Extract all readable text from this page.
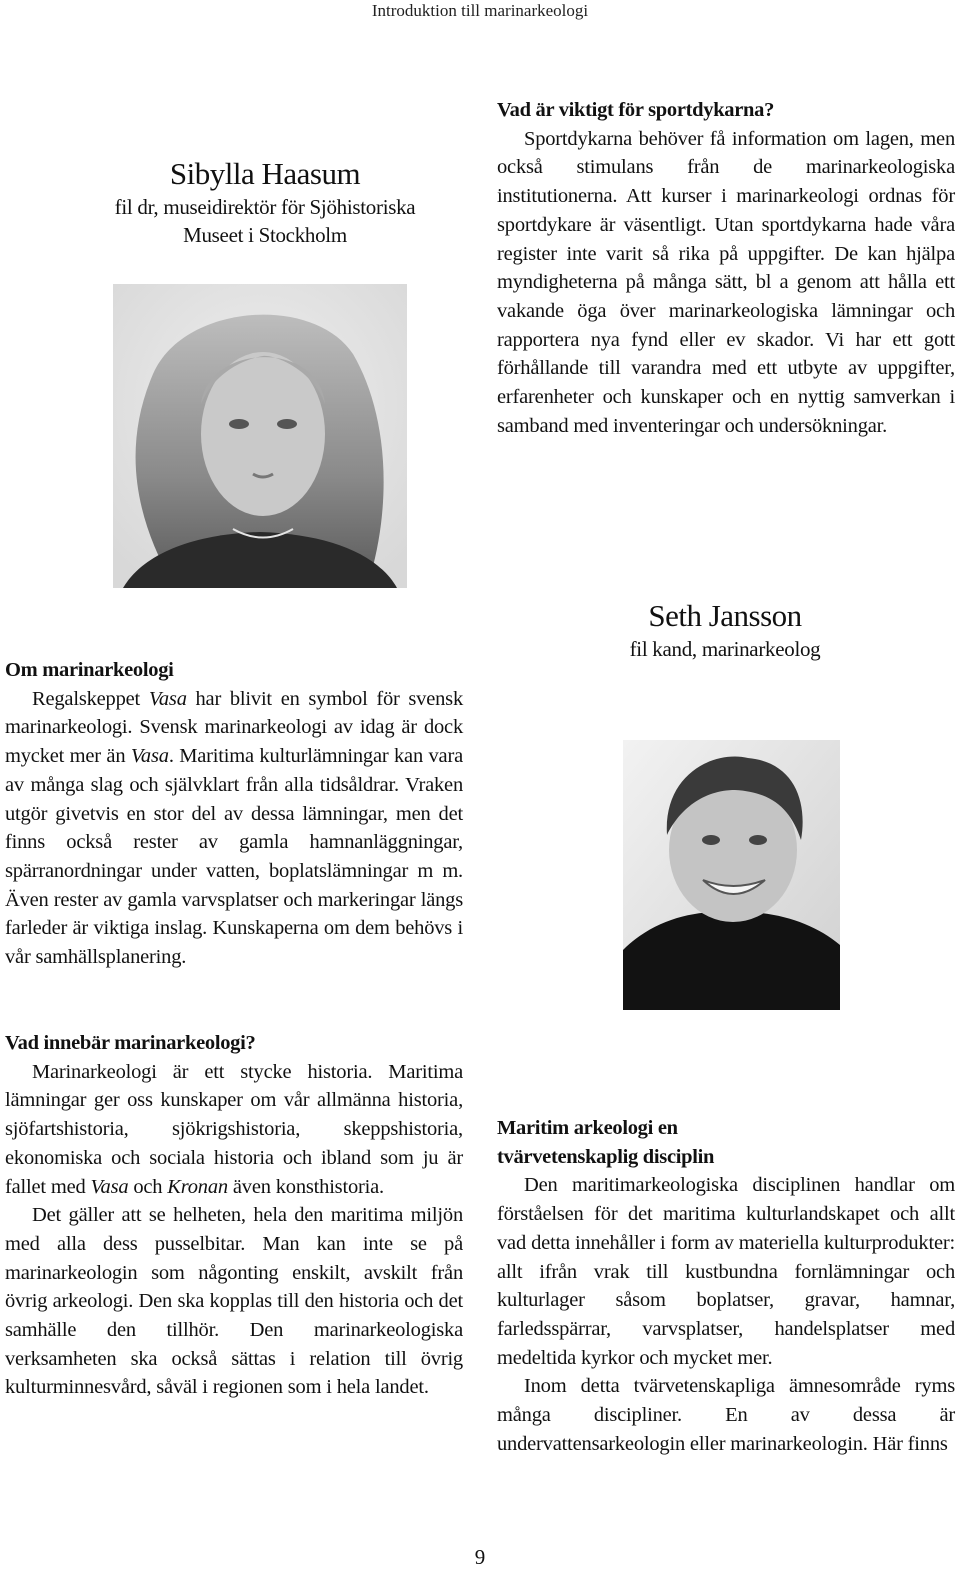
Introduktion till marinarkeologi
Sibylla Haasum
fil dr, museidirektör för Sjöhistoriska
Museet i Stockholm
Vad är viktigt för sportdykarna?

Sportdykarna behöver få information om lagen, men också stimulans från de marinarkeologiska institutionerna. Att kurser i marinarkeologi ordnas för sportdykare är väsentligt. Utan sportdykarna hade våra register inte varit så rika på uppgifter. De kan hjälpa myndigheterna på många sätt, bl a genom att hålla ett vakande öga över marinarkeologiska lämningar och rapportera nya fynd eller ev skador. Vi har ett gott förhållande till varandra med ett utbyte av uppgifter, erfarenheter och kunskaper och en nyttig samverkan i samband med inventeringar och undersökningar.

Seth Jansson
fil kand, marinarkeolog
Om marinarkeologi

Regalskeppet Vasa har blivit en symbol för svensk marinarkeologi. Svensk marinarkeologi av idag är dock mycket mer än Vasa. Maritima kulturlämningar kan vara av många slag och självklart från alla tidsåldrar. Vraken utgör givetvis en stor del av dessa lämningar, men det finns också rester av gamla hamnanläggningar, spärranordningar under vatten, boplatslämningar m m. Även rester av gamla varvsplatser och markeringar längs farleder är viktiga inslag. Kunskaperna om dem behövs i vår samhällsplanering.

Vad innebär marinarkeologi?

Marinarkeologi är ett stycke historia. Maritima lämningar ger oss kunskaper om vår allmänna historia, sjöfartshistoria, sjökrigshistoria, skeppshistoria, ekonomiska och sociala historia och ibland som ju är fallet med Vasa och Kronan även konsthistoria.

Det gäller att se helheten, hela den maritima miljön med alla dess pusselbitar. Man kan inte se på marinarkeologin som någonting enskilt, avskilt från övrig arkeologi. Den ska kopplas till den historia och det samhälle den tillhör. Den marinarkeologiska verksamheten ska också sättas i relation till övrig kulturminnesvård, såväl i regionen som i hela landet.

Maritim arkeologi en
tvärvetenskaplig disciplin

Den maritimarkeologiska disciplinen handlar om förståelsen för det maritima kulturlandskapet och allt vad detta innehåller i form av materiella kulturprodukter: allt ifrån vrak till kustbundna fornlämningar och kulturlager såsom boplatser, gravar, hamnar, farledsspärrar, varvsplatser, handelsplatser med medeltida kyrkor och mycket mer.

Inom detta tvärvetenskapliga ämnesområde ryms många discipliner. En av dessa är undervattensarkeologin eller marinarkeologin. Här finns

9
